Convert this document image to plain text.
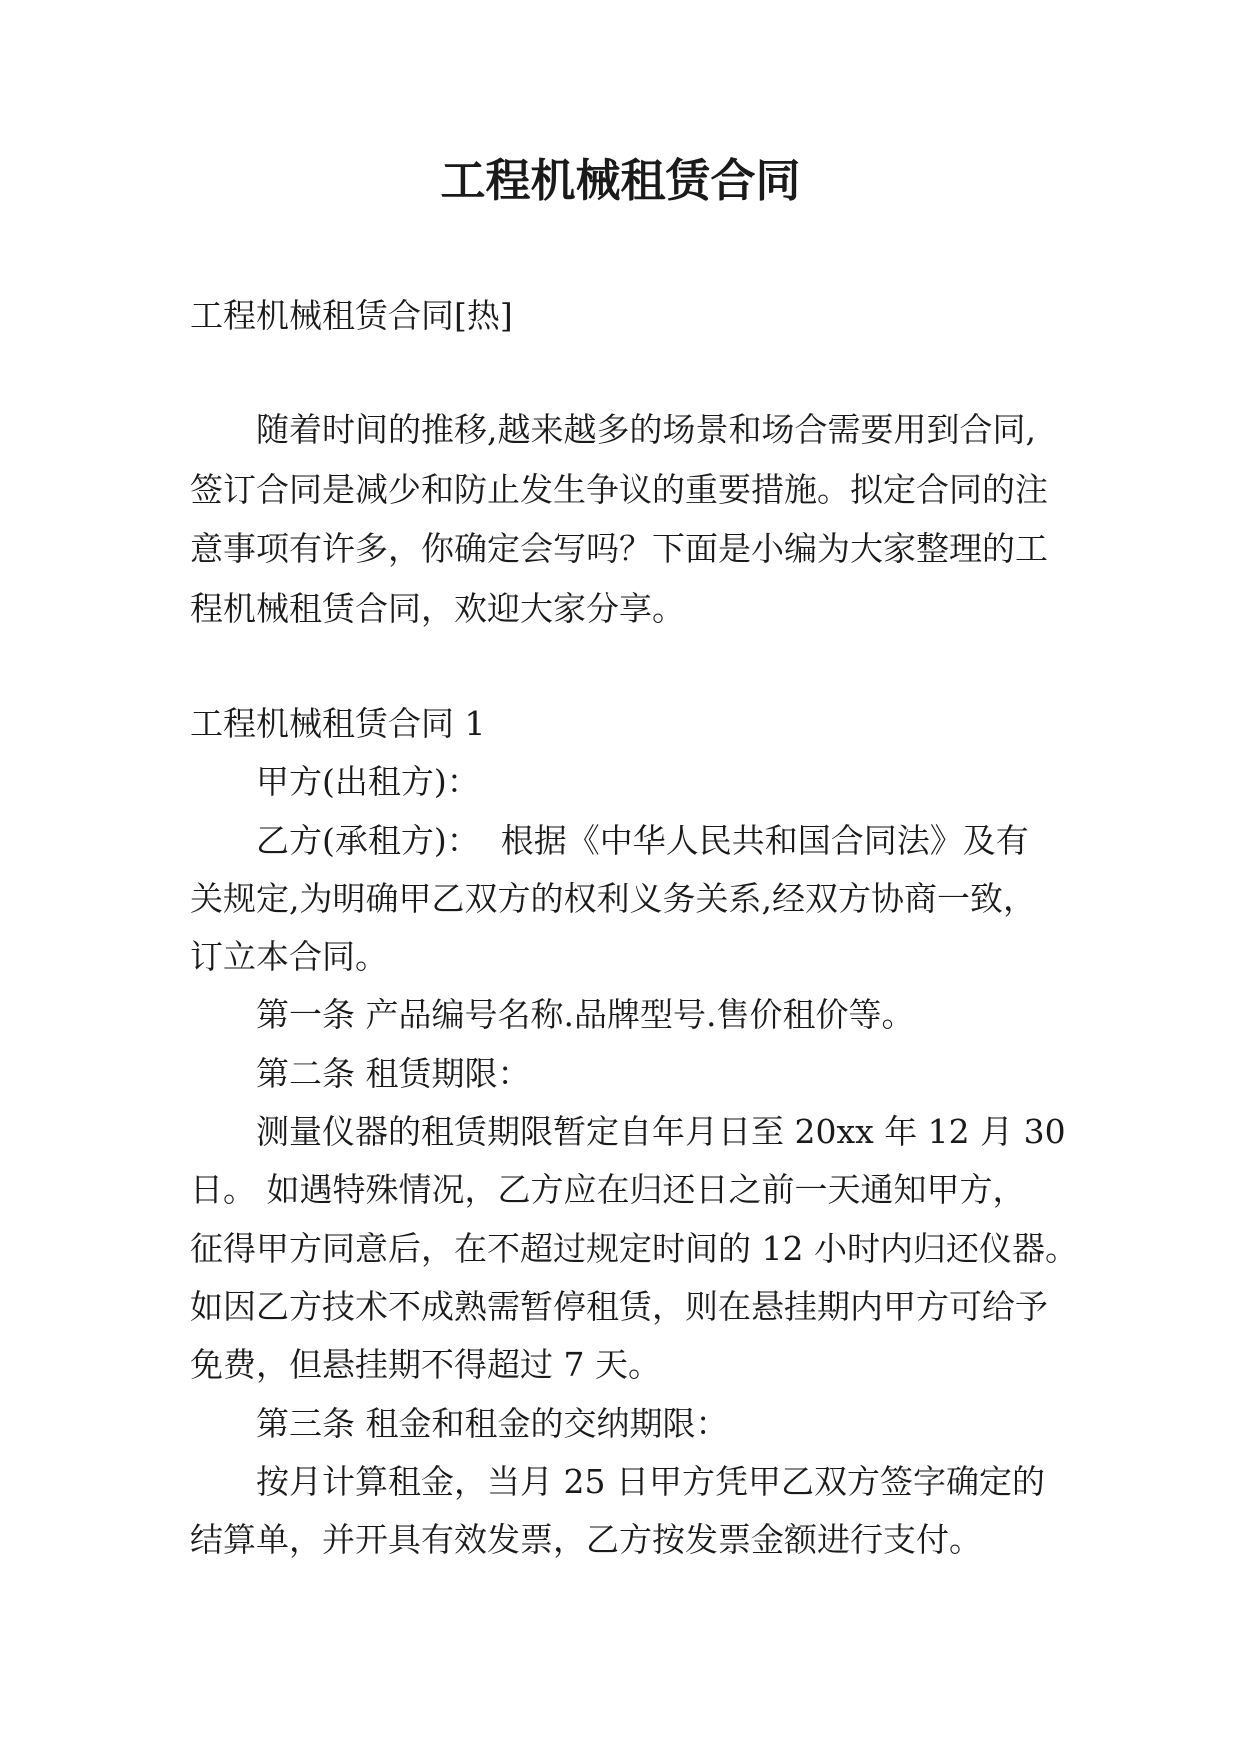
工程机械租赁合同
工程机械租赁合同[热]
随着时间的推移,越来越多的场景和场合需要用到合同,
签订合同是减少和防止发生争议的重要措施。拟定合同的注
意事项有许多，你确定会写吗？下面是小编为大家整理的工
程机械租赁合同，欢迎大家分享。
工程机械租赁合同 1
甲方(出租方)：
乙方(承租方)：  根据《中华人民共和国合同法》及有
关规定,为明确甲乙双方的权利义务关系,经双方协商一致，
订立本合同。
第一条 产品编号名称.品牌型号.售价租价等。
第二条 租赁期限：
测量仪器的租赁期限暂定自年月日至 20xx 年 12 月 30
日。 如遇特殊情况，乙方应在归还日之前一天通知甲方，
征得甲方同意后，在不超过规定时间的 12 小时内归还仪器。
如因乙方技术不成熟需暂停租赁，则在悬挂期内甲方可给予
免费，但悬挂期不得超过 7 天。
第三条 租金和租金的交纳期限：
按月计算租金，当月 25 日甲方凭甲乙双方签字确定的
结算单，并开具有效发票，乙方按发票金额进行支付。
